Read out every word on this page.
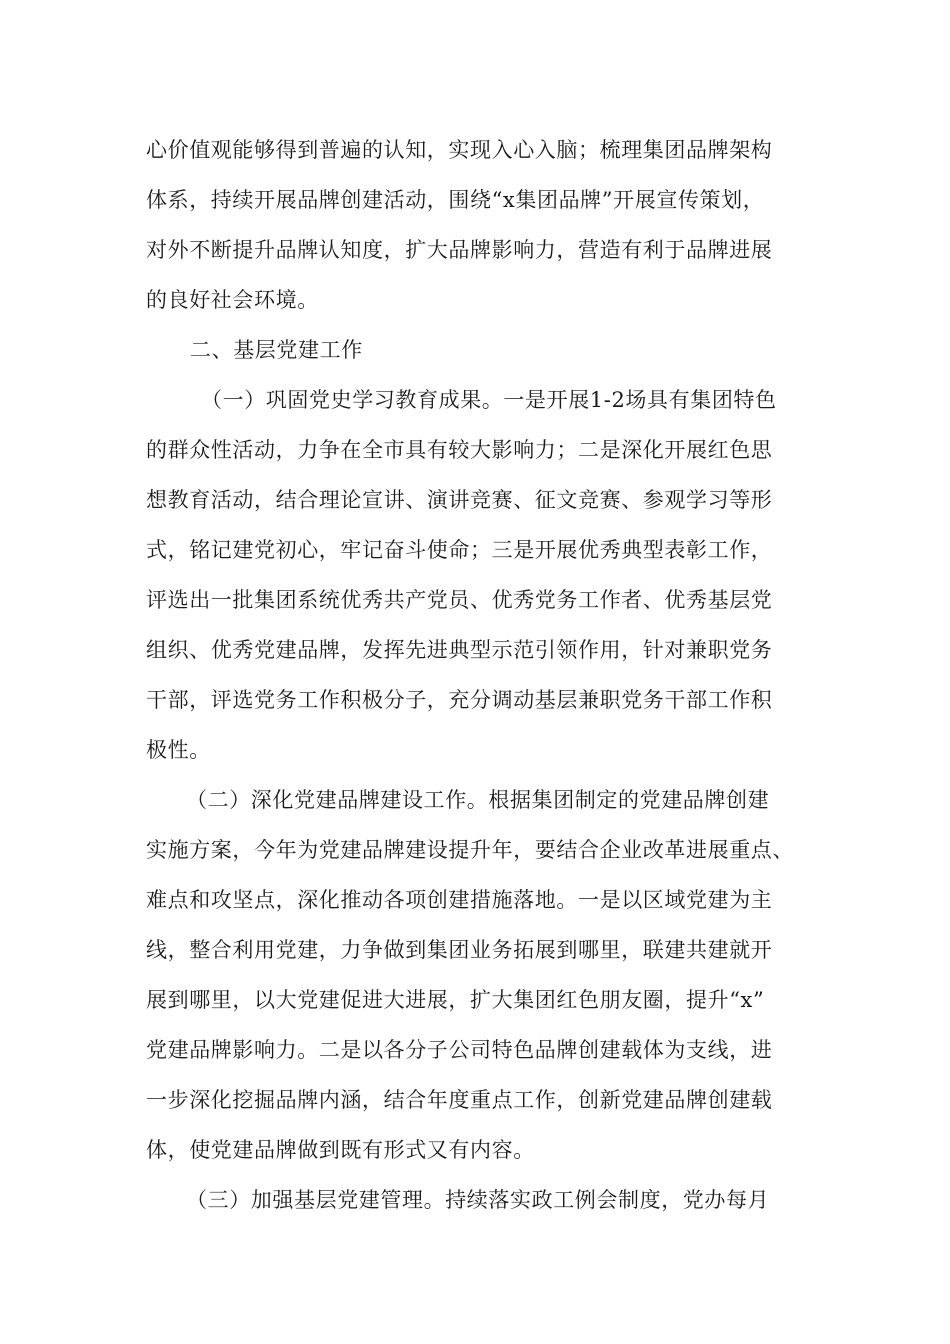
心价值观能够得到普遍的认知，实现入心入脑；梳理集团品牌架构
体系，持续开展品牌创建活动，围绕“x集团品牌”开展宣传策划，
对外不断提升品牌认知度，扩大品牌影响力，营造有利于品牌进展
的良好社会环境。
二、基层党建工作
（一）巩固党史学习教育成果。一是开展1-2场具有集团特色
的群众性活动，力争在全市具有较大影响力；二是深化开展红色思
想教育活动，结合理论宣讲、演讲竞赛、征文竞赛、参观学习等形
式，铭记建党初心，牢记奋斗使命；三是开展优秀典型表彰工作，
评选出一批集团系统优秀共产党员、优秀党务工作者、优秀基层党
组织、优秀党建品牌，发挥先进典型示范引领作用，针对兼职党务
干部，评选党务工作积极分子，充分调动基层兼职党务干部工作积
极性。
（二）深化党建品牌建设工作。根据集团制定的党建品牌创建
实施方案，今年为党建品牌建设提升年，要结合企业改革进展重点、
难点和攻坚点，深化推动各项创建措施落地。一是以区域党建为主
线，整合利用党建，力争做到集团业务拓展到哪里，联建共建就开
展到哪里，以大党建促进大进展，扩大集团红色朋友圈，提升“x”
党建品牌影响力。二是以各分子公司特色品牌创建载体为支线，进
一步深化挖掘品牌内涵，结合年度重点工作，创新党建品牌创建载
体，使党建品牌做到既有形式又有内容。
（三）加强基层党建管理。持续落实政工例会制度，党办每月
